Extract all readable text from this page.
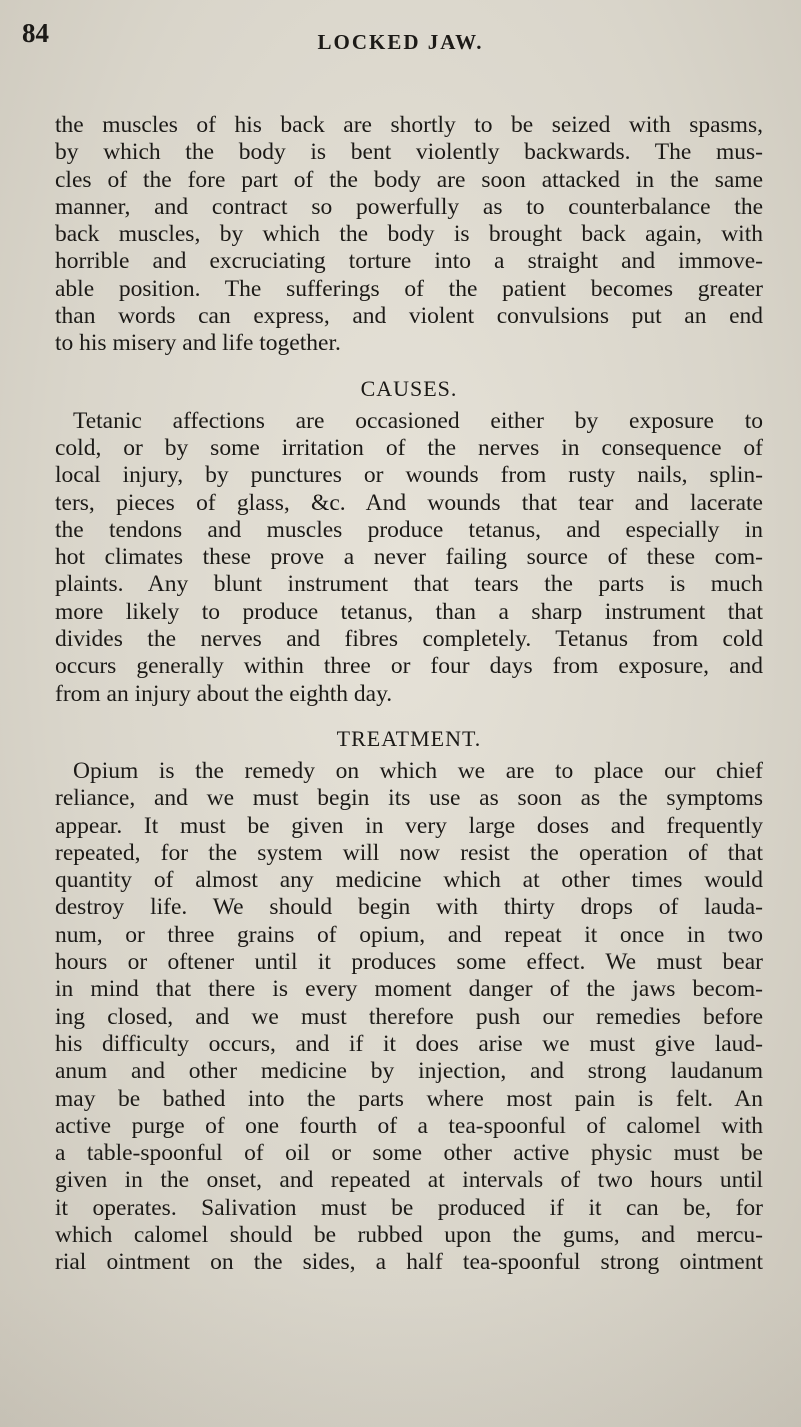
84	LOCKED JAW.
the muscles of his back are shortly to be seized with spasms,
by which the body is bent violently backwards. The mus-
cles of the fore part of the body are soon attacked in the same
manner, and contract so powerfully as to counterbalance the
back muscles, by which the body is brought back again, with
horrible and excruciating torture into a straight and immove-
able position. The sufferings of the patient becomes greater
than words can express, and violent convulsions put an end
to his misery and life together.
CAUSES.
Tetanic affections are occasioned either by exposure to
cold, or by some irritation of the nerves in consequence of
local injury, by punctures or wounds from rusty nails, splin-
ters, pieces of glass, &c. And wounds that tear and lacerate
the tendons and muscles produce tetanus, and especially in
hot climates these prove a never failing source of these com-
plaints. Any blunt instrument that tears the parts is much
more likely to produce tetanus, than a sharp instrument that
divides the nerves and fibres completely. Tetanus from cold
occurs generally within three or four days from exposure, and
from an injury about the eighth day.
TREATMENT.
Opium is the remedy on which we are to place our chief
reliance, and we must begin its use as soon as the symptoms
appear. It must be given in very large doses and frequently
repeated, for the system will now resist the operation of that
quantity of almost any medicine which at other times would
destroy life. We should begin with thirty drops of lauda-
num, or three grains of opium, and repeat it once in two
hours or oftener until it produces some effect. We must bear
in mind that there is every moment danger of the jaws becom-
ing closed, and we must therefore push our remedies before
his difficulty occurs, and if it does arise we must give laud-
anum and other medicine by injection, and strong laudanum
may be bathed into the parts where most pain is felt. An
active purge of one fourth of a tea-spoonful of calomel with
a table-spoonful of oil or some other active physic must be
given in the onset, and repeated at intervals of two hours until
it operates. Salivation must be produced if it can be, for
which calomel should be rubbed upon the gums, and mercu-
rial ointment on the sides, a half tea-spoonful strong ointment
